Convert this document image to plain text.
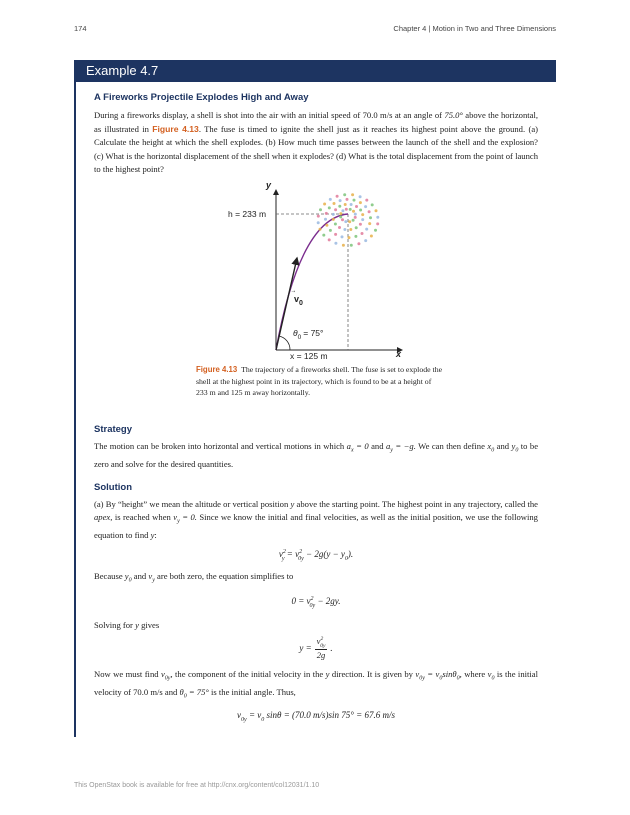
174	Chapter 4 | Motion in Two and Three Dimensions
Example 4.7
A Fireworks Projectile Explodes High and Away

During a fireworks display, a shell is shot into the air with an initial speed of 70.0 m/s at an angle of 75.0° above the horizontal, as illustrated in Figure 4.13. The fuse is timed to ignite the shell just as it reaches its highest point above the ground. (a) Calculate the height at which the shell explodes. (b) How much time passes between the launch of the shell and the explosion? (c) What is the horizontal displacement of the shell when it explodes? (d) What is the total displacement from the point of launch to the highest point?

y
x
h = 233 m
$v_0$
$\theta_0 = 75^\circ$
x = 125 m
Figure 4.13 The trajectory of a fireworks shell. The fuse is set to explode the shell at the highest point in its trajectory, which is found to be at a height of 233 m and 125 m away horizontally.
Strategy

The motion can be broken into horizontal and vertical motions in which $a_x = 0$ and $a_y = -g$. We can then define $x_0$ and $y_0$ to be zero and solve for the desired quantities.

Solution

(a) By “height” we mean the altitude or vertical position y above the starting point. The highest point in any trajectory, called the apex, is reached when $v_y = 0$. Since we know the initial and final velocities, as well as the initial position, we use the following equation to find y:

$v^2_y = v^2_{0y} - 2g(y - y_0)$.

Because $y_0$ and $v_y$ are both zero, the equation simplifies to

$0 = v^2_{0y} - 2gy$.

Solving for y gives

$y = \frac{v^2_{0y}}{2g}$ .

Now we must find $v_{0y}$, the component of the initial velocity in the y direction. It is given by $v_{0y} = v_0\sin\theta_0$, where $v_0$ is the initial velocity of 70.0 m/s and $\theta_0 = 75^\circ$ is the initial angle. Thus,

$v_{0y} = v_0$ sinθ = (70.0 m/s)sin 75° = 67.6 m/s
This OpenStax book is available for free at http://cnx.org/content/col12031/1.10
